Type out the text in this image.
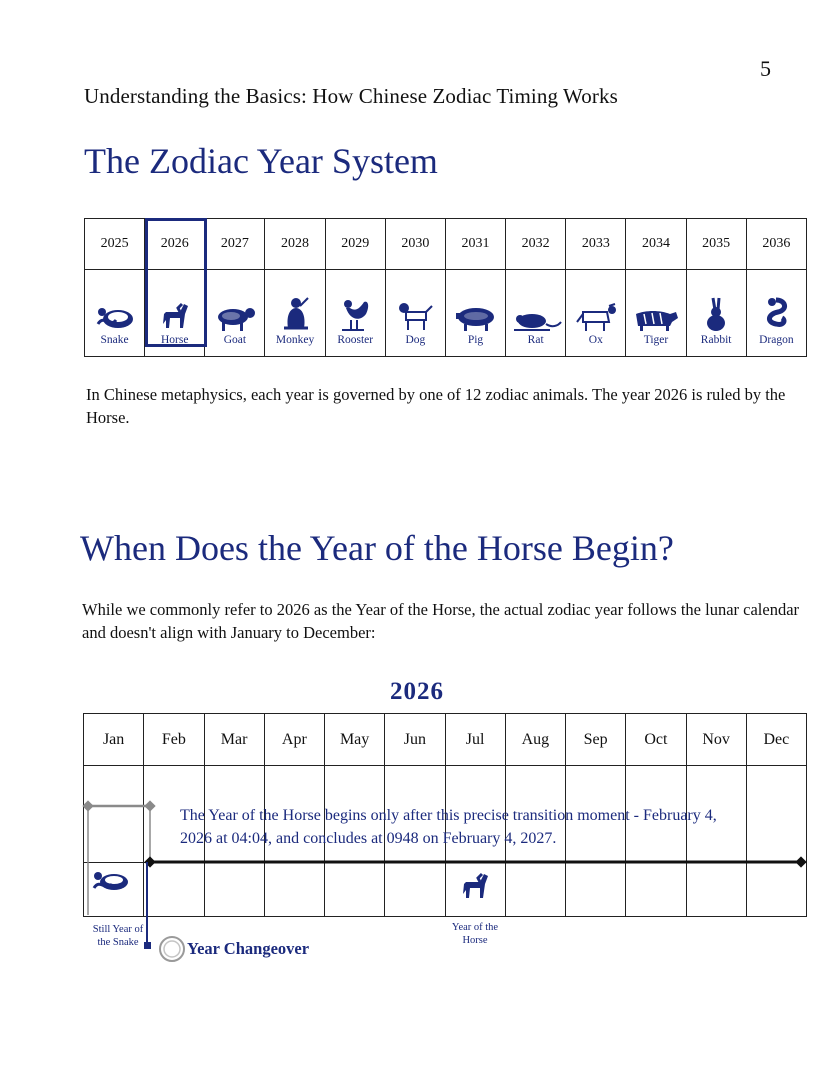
5
Understanding the Basics: How Chinese Zodiac Timing Works
The Zodiac Year System
2025	2026	2027	2028	2029	2030	2031	2032	2033	2034	2035	2036

Snake	Horse	Goat	Monkey	Rooster	Dog	Pig	Rat	Ox	Tiger	Rabbit	Dragon
In Chinese metaphysics, each year is governed by one of 12 zodiac animals. The year 2026 is ruled by the Horse.
When Does the Year of the Horse Begin?
While we commonly refer to 2026 as the Year of the Horse, the actual zodiac year follows the lunar calendar and doesn't align with January to December:
2026
Jan	Feb	Mar	Apr	May	Jun	Jul	Aug	Sep	Oct	Nov	Dec

The Year of the Horse begins only after this precise transition moment - February 4, 2026 at 04:04, and concludes at 0948 on February 4, 2027.
Still Year of the Snake
Year of the Horse
Year Changeover
